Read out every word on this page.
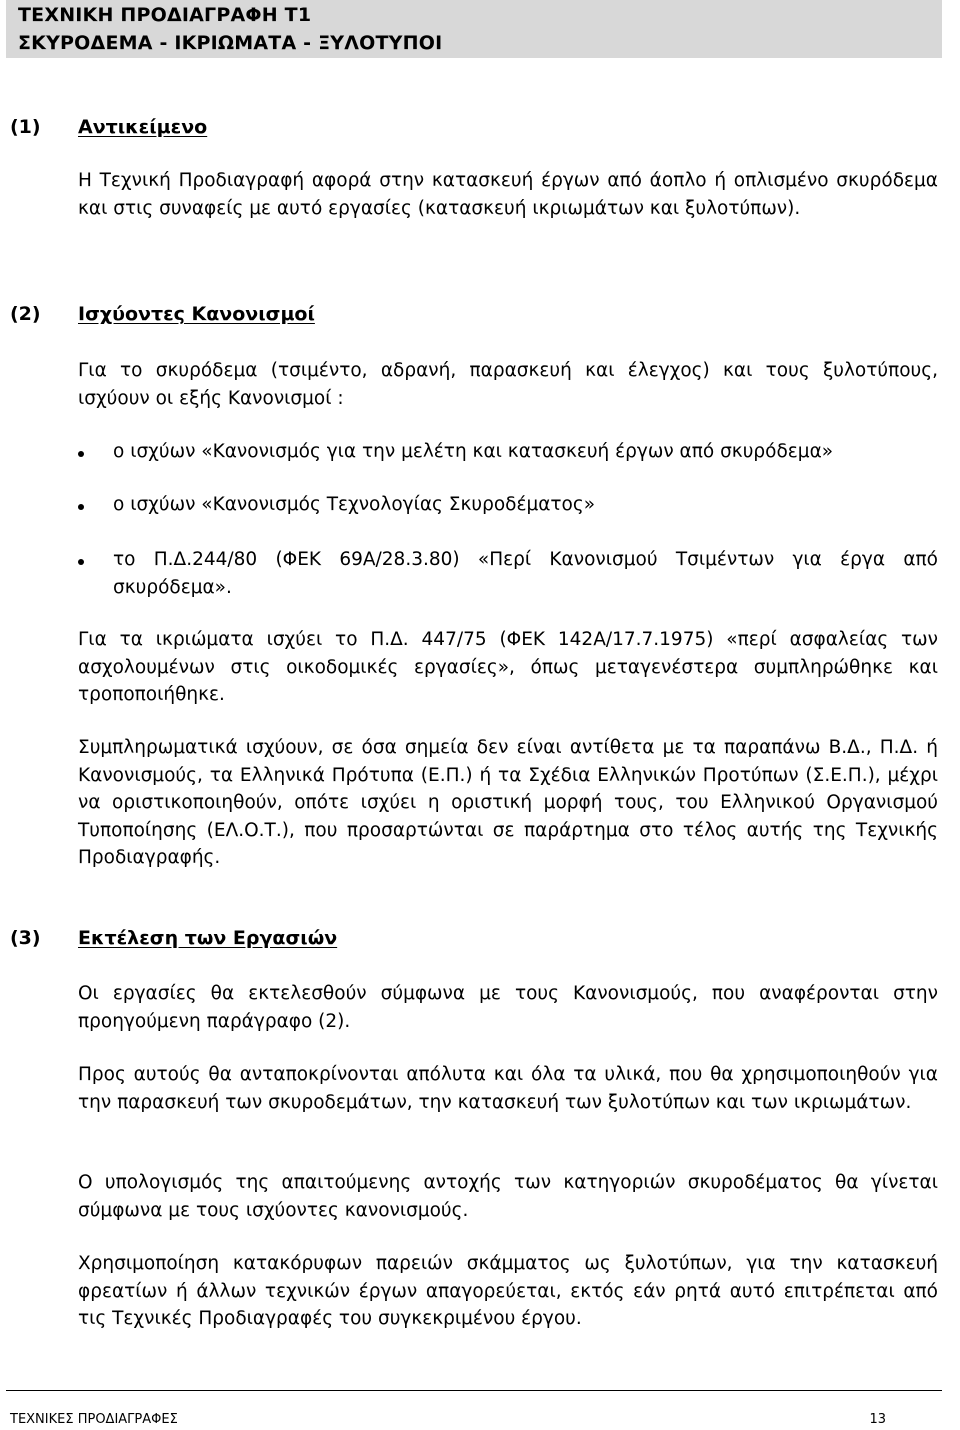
ΤΕΧΝΙΚΗ ΠΡΟΔΙΑΓΡΑΦΗ Τ1
ΣΚΥΡΟΔΕΜΑ - ΙΚΡΙΩΜΑΤΑ - ΞΥΛΟΤΥΠΟΙ
(1) Αντικείμενο

Η Τεχνική Προδιαγραφή αφορά στην κατασκευή έργων από άοπλο ή οπλισμένο σκυρόδεμα και στις συναφείς με αυτό εργασίες (κατασκευή ικριωμάτων και ξυλοτύπων).

(2) Ισχύοντες Κανονισμοί

Για το σκυρόδεμα (τσιμέντο, αδρανή, παρασκευή και έλεγχος) και τους ξυλοτύπους, ισχύουν οι εξής Κανονισμοί :

ο ισχύων «Κανονισμός για την μελέτη και κατασκευή έργων από σκυρόδεμα»

ο ισχύων «Κανονισμός Τεχνολογίας Σκυροδέματος»

το Π.Δ.244/80 (ΦΕΚ 69Α/28.3.80) «Περί Κανονισμού Τσιμέντων για έργα από σκυρόδεμα».

Για τα ικριώματα ισχύει το Π.Δ. 447/75 (ΦΕΚ 142Α/17.7.1975) «περί ασφαλείας των ασχολουμένων στις οικοδομικές εργασίες», όπως μεταγενέστερα συμπληρώθηκε και τροποποιήθηκε.

Συμπληρωματικά ισχύουν, σε όσα σημεία δεν είναι αντίθετα με τα παραπάνω Β.Δ., Π.Δ. ή Κανονισμούς, τα Ελληνικά Πρότυπα (Ε.Π.) ή τα Σχέδια Ελληνικών Προτύπων (Σ.Ε.Π.), μέχρι να οριστικοποιηθούν, οπότε ισχύει η οριστική μορφή τους, του Ελληνικού Οργανισμού Τυποποίησης (ΕΛ.Ο.Τ.), που προσαρτώνται σε παράρτημα στο τέλος αυτής της Τεχνικής Προδιαγραφής.

(3) Εκτέλεση των Εργασιών

Οι εργασίες θα εκτελεσθούν σύμφωνα με τους Κανονισμούς, που αναφέρονται στην προηγούμενη παράγραφο (2).

Προς αυτούς θα ανταποκρίνονται απόλυτα και όλα τα υλικά, που θα χρησιμοποιηθούν για την παρασκευή των σκυροδεμάτων, την κατασκευή των ξυλοτύπων και των ικριωμάτων.

Ο υπολογισμός της απαιτούμενης αντοχής των κατηγοριών σκυροδέματος θα γίνεται σύμφωνα με τους ισχύοντες κανονισμούς.

Χρησιμοποίηση κατακόρυφων παρειών σκάμματος ως ξυλοτύπων, για την κατασκευή φρεατίων ή άλλων τεχνικών έργων απαγορεύεται, εκτός εάν ρητά αυτό επιτρέπεται από τις Τεχνικές Προδιαγραφές του συγκεκριμένου έργου.

ΤΕΧΝΙΚΕΣ ΠΡΟΔΙΑΓΡΑΦΕΣ	13
